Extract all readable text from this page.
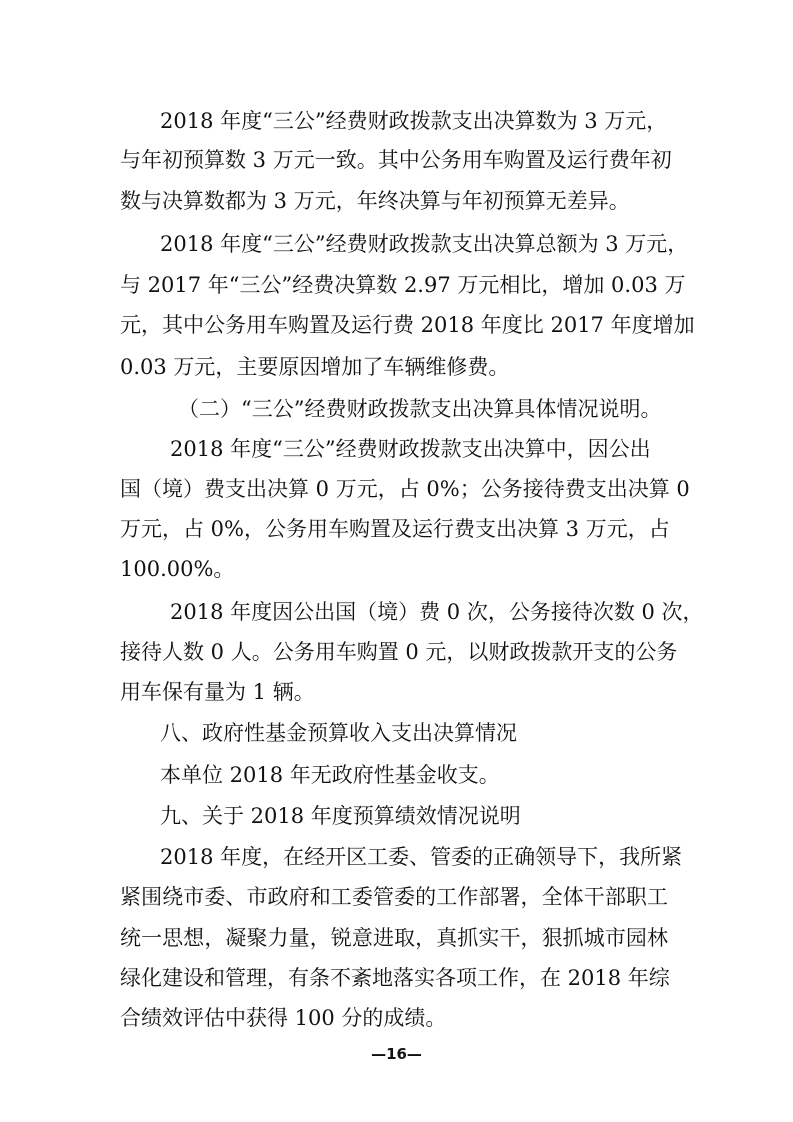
2018 年度“三公”经费财政拨款支出决算数为 3 万元，
与年初预算数 3 万元一致。其中公务用车购置及运行费年初
数与决算数都为 3 万元，年终决算与年初预算无差异。
2018 年度“三公”经费财政拨款支出决算总额为 3 万元，
与 2017 年“三公”经费决算数 2.97 万元相比，增加 0.03 万
元，其中公务用车购置及运行费 2018 年度比 2017 年度增加
0.03 万元，主要原因增加了车辆维修费。
（二）“三公”经费财政拨款支出决算具体情况说明。
2018 年度“三公”经费财政拨款支出决算中，因公出
国（境）费支出决算 0 万元，占 0%；公务接待费支出决算 0
万元，占 0%，公务用车购置及运行费支出决算 3 万元，占
100.00%。
2018 年度因公出国（境）费 0 次，公务接待次数 0 次，
接待人数 0 人。公务用车购置 0 元，以财政拨款开支的公务
用车保有量为 1 辆。
八、政府性基金预算收入支出决算情况
本单位 2018 年无政府性基金收支。
九、关于 2018 年度预算绩效情况说明
2018 年度，在经开区工委、管委的正确领导下，我所紧
紧围绕市委、市政府和工委管委的工作部署，全体干部职工
统一思想，凝聚力量，锐意进取，真抓实干，狠抓城市园林
绿化建设和管理，有条不紊地落实各项工作，在 2018 年综
合绩效评估中获得 100 分的成绩。
—16—
